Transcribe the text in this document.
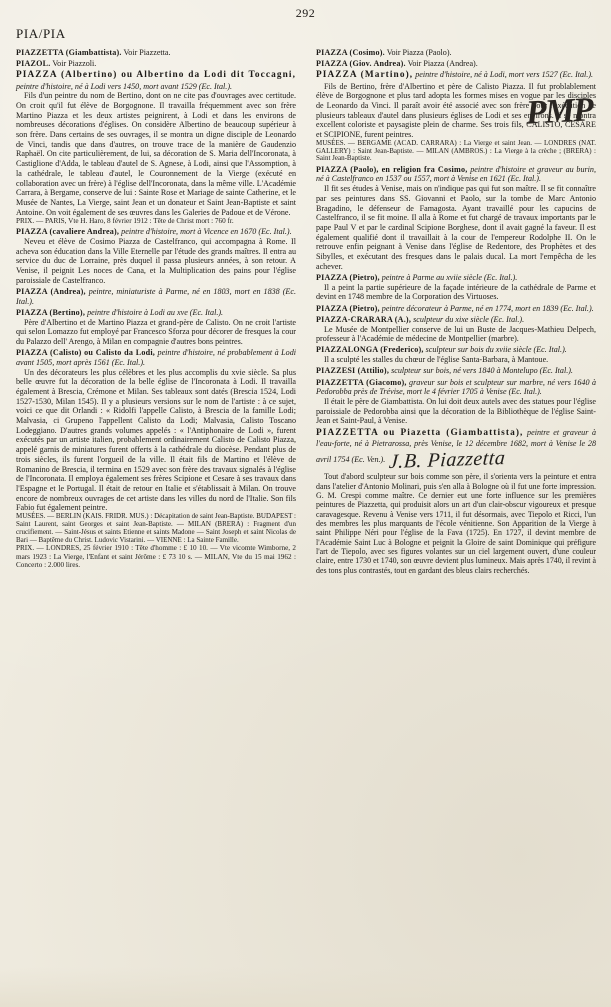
292
PIA/PIA
PIAZZETTA (Giambattista). Voir Piazzetta.
PIAZOL. Voir Piazzoli.
PIAZZA (Albertino) ou Albertino da Lodi dit Toccagni, peintre d'histoire, né à Lodi vers 1450, mort avant 1529 (Ec. Ital.).

Fils d'un peintre du nom de Bertino, dont on ne cite pas d'ouvrages avec certitude. On croit qu'il fut élève de Borgognone. Il travailla fréquemment avec son frère Martino Piazza et les deux artistes peignirent, à Lodi et dans les environs de nombreuses décorations d'églises. On considère Albertino de beaucoup supérieur à son frère. Dans certains de ses ouvrages, il se montra un digne disciple de Leonardo de Vinci, tandis que dans d'autres, on trouve trace de la manière de Gaudenzio Raphaël. On cite particulièrement, de lui, sa décoration de S. Maria dell'Incoronata, à Castiglione d'Adda, le tableau d'autel de S. Agnese, à Lodi, ainsi que l'Assomption, à la cathédrale, le tableau d'autel, le Couronnement de la Vierge (exécuté en collaboration avec un frère) à l'église dell'Incoronata, dans la même ville. L'Académie Carrara, à Bergame, conserve de lui : Sainte Rose et Mariage de sainte Catherine, et le Musée de Nantes, La Vierge, saint Jean et un donateur et Saint Jean-Baptiste et saint Antoine. On voit également de ses œuvres dans les Galeries de Padoue et de Vérone.

PRIX. — PARIS, Vte H. Haro, 8 février 1912 : Tête de Christ mort : 760 fr.

PIAZZA (cavaliere Andrea), peintre d'histoire, mort à Vicence en 1670 (Ec. Ital.).

Neveu et élève de Cosimo Piazza de Castelfranco, qui accompagna à Rome. Il acheva son éducation dans la Ville Eternelle par l'étude des grands maîtres. Il entra au service du duc de Lorraine, près duquel il passa plusieurs années, à son retour. A Venise, il peignit Les noces de Cana, et la Multiplication des pains pour l'église paroissiale de Castelfranco.

PIAZZA (Andrea), peintre, miniaturiste à Parme, né en 1803, mort en 1838 (Ec. Ital.).
PIAZZA (Bertino), peintre d'histoire à Lodi au xve (Ec. Ital.).

Père d'Albertino et de Martino Piazza et grand-père de Calisto. On ne croit l'artiste qui selon Lomazzo fut employé par Francesco Sforza pour décorer de fresques la cour du Palazzo dell' Arengo, à Milan en compagnie d'autres bons peintres.

PIAZZA (Calisto) ou Calisto da Lodi, peintre d'histoire, né probablement à Lodi avant 1505, mort après 1561 (Ec. Ital.).

Un des décorateurs les plus célèbres et les plus accomplis du xvie siècle. Sa plus belle œuvre fut la décoration de la belle église de l'Incoronata à Lodi. Il travailla également à Brescia, Crémone et Milan. Ses tableaux sont datés (Brescia 1524, Lodi 1527-1530, Milan 1545). Il y a plusieurs versions sur le nom de l'artiste : à ce sujet, voici ce que dit Orlandi : « Ridolfi l'appelle Calisto, à Brescia de la famille Lodi; Malvasia, ci Grupeno l'appellent Calisto da Lodi; Malvasia, Calisto Toscano Lodeggiano. D'autres grands volumes appelés : « l'Antiphonaire de Lodi », furent exécutés par un artiste italien, probablement ordinairement Calisto de Calisto Piazza, appelé garnis de miniatures furent offerts à la cathédrale du diocèse. Pendant plus de trois siècles, ils furent l'orgueil de la ville. Il était fils de Martino et l'élève de Romanino de Brescia, il termina en 1529 avec son frère des travaux signalés à l'église de l'Incoronata. Il employa également ses frères Scipione et Cesare à ses travaux dans l'Espagne et le Portugal. Il était de retour en Italie et s'établissait à Milan. On trouve encore de nombreux ouvrages de cet artiste dans les villes du nord de l'Italie. Son fils Fabio fut également peintre.

MUSÉES. — BERLIN (KAIS. FRIDR. MUS.) : Décapitation de saint Jean-Baptiste. BUDAPEST : Saint Laurent, saint Georges et saint Jean-Baptiste. — MILAN (BRERA) : Fragment d'un crucifiement. — Saint-Jésus et saints Etienne et saints Madone — Saint Joseph et saint Nicolas de Bari — Baptême du Christ. Ludovic Vistarini. — VIENNE : La Sainte Famille.

PRIX. — LONDRES, 25 février 1910 : Tête d'homme : £ 10 10. — Vte vicomte Wimborne, 2 mars 1923 : La Vierge, l'Enfant et saint Jérôme : £ 73 10 s. — MILAN, Vte du 15 mai 1962 : Concerto : 2.000 lires.

PMP
PIAZZA (Cosimo). Voir Piazza (Paolo).
PIAZZA (Giov. Andrea). Voir Piazza (Andrea).
PIAZZA (Martino), peintre d'histoire, né à Lodi, mort vers 1527 (Ec. Ital.).

Fils de Bertino, frère d'Albertino et père de Calisto Piazza. Il fut problablement élève de Borgognone et plus tard adopta les formes mises en vogue par les disciples de Leonardo da Vinci. Il paraît avoir été associé avec son frère pour l'exécution de plusieurs tableaux d'autel dans plusieurs églises de Lodi et ses environs. Il se montra excellent coloriste et paysagiste plein de charme. Ses trois fils, CALISTO, CESARE et SCIPIONE, furent peintres.

MUSÉES. — BERGAME (ACAD. CARRARA) : La Vierge et saint Jean. — LONDRES (NAT. GALLERY) : Saint Jean-Baptiste. — MILAN (AMBROS.) : La Vierge à la crèche ; (BRERA) : Saint Jean-Baptiste.

PIAZZA (Paolo), en religion fra Cosimo, peintre d'histoire et graveur au burin, né à Castelfranco en 1537 ou 1557, mort à Venise en 1621 (Ec. Ital.).

Il fit ses études à Venise, mais on n'indique pas qui fut son maître. Il se fit connaître par ses peintures dans SS. Giovanni et Paolo, sur la tombe de Marc Antonio Bragadino, le défenseur de Famagosta. Ayant travaillé pour les capucins de Castelfranco, il se fit moine. Il alla à Rome et fut chargé de travaux importants par le pape Paul V et par le cardinal Scipione Borghese, dont il avait gagné la faveur. Il est également qualifié dont il travaillait à la cour de l'empereur Rodolphe II. On le retrouve enfin peignant à Venise dans l'église de Redentore, des Prophètes et des Sibylles, et exécutant des fresques dans le palais ducal. La mort l'empêcha de les achever.

PIAZZA (Pietro), peintre à Parme au xviie siècle (Ec. Ital.).

Il a peint la partie supérieure de la façade intérieure de la cathédrale de Parme et devint en 1748 membre de la Corporation des Virtuoses.

PIAZZA (Pietro), peintre décorateur à Parme, né en 1774, mort en 1839 (Ec. Ital.).
PIAZZA-CRARARA (A.), sculpteur du xixe siècle (Ec. Ital.).

Le Musée de Montpellier conserve de lui un Buste de Jacques-Mathieu Delpech, professeur à l'Académie de médecine de Montpellier (marbre).

PIAZZALONGA (Frederico), sculpteur sur bois du xviie siècle (Ec. Ital.).

Il a sculpté les stalles du chœur de l'église Santa-Barbara, à Mantoue.

PIAZZESI (Attilio), sculpteur sur bois, né vers 1840 à Montelupo (Ec. Ital.).
PIAZZETTA (Giacomo), graveur sur bois et sculpteur sur marbre, né vers 1640 à Pedorobba près de Trévise, mort le 4 février 1705 à Venise (Ec. Ital.).

Il était le père de Giambattista. On lui doit deux autels avec des statues pour l'église paroissiale de Pedorobba ainsi que la décoration de la Bibliothèque de l'église Saint-Jean et Saint-Paul, à Venise.

PIAZZETTA ou Piazetta (Giambattista), peintre et graveur à l'eau-forte, né à Pietrarossa, près Venise, le 12 décembre 1682, mort à Venise le 28 avril 1754 (Ec. Ven.). J.B. Piazzetta

Tout d'abord sculpteur sur bois comme son père, il s'orienta vers la peinture et entra dans l'atelier d'Antonio Molinari, puis s'en alla à Bologne où il fut une forte impression. G. M. Crespi comme maître. Ce dernier eut une forte influence sur les premières peintures de Piazzetta, qui produisit alors un art d'un clair-obscur vigoureux et presque caravagesque. Revenu à Venise vers 1711, il fut désormais, avec Tiepolo et Ricci, l'un des membres les plus marquants de l'école vénitienne. Son Apparition de la Vierge à saint Philippe Néri pour l'église de la Fava (1725). En 1727, il devint membre de l'Académie Saint Luc à Bologne et peignit la Gloire de saint Dominique qui préfigure l'art de Tiepolo, avec ses figures volantes sur un ciel largement ouvert, d'une couleur claire, entre 1730 et 1740, son œuvre devient plus lumineux. Mais après 1740, il revint à des tons plus contrastés, tout en gardant des bleus clairs recherchés.
